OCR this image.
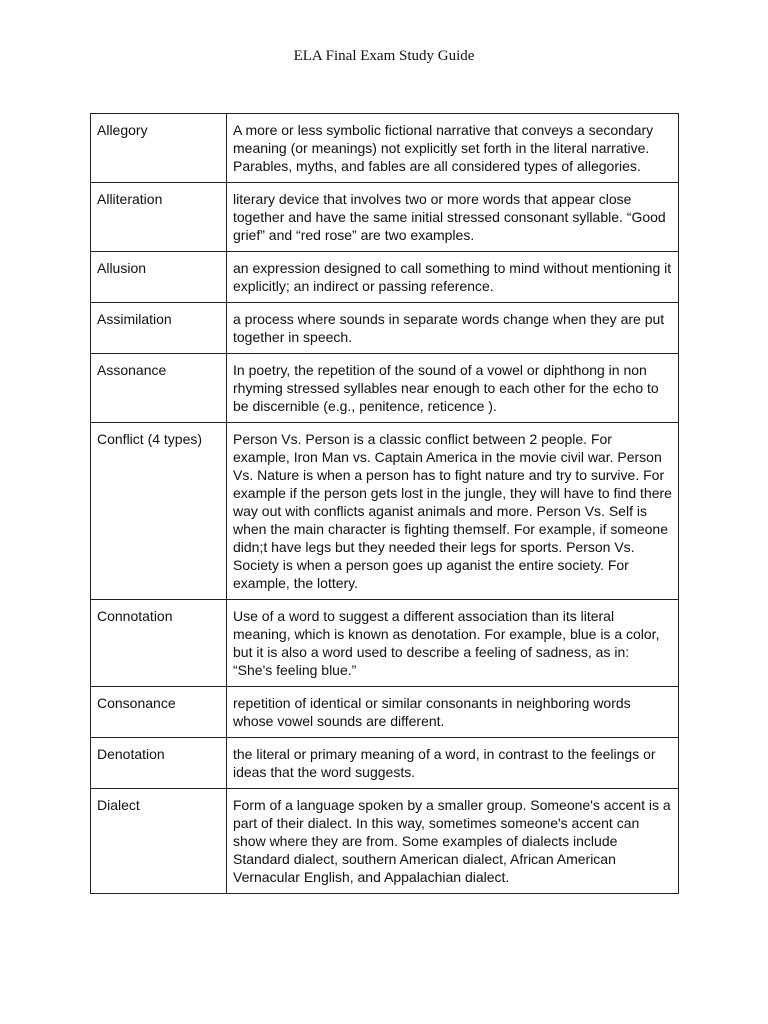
ELA Final Exam Study Guide
Allegory	A more or less symbolic fictional narrative that conveys a secondary meaning (or meanings) not explicitly set forth in the literal narrative. Parables, myths, and fables are all considered types of allegories.
Alliteration	literary device that involves two or more words that appear close together and have the same initial stressed consonant syllable. “Good grief” and “red rose” are two examples.
Allusion	an expression designed to call something to mind without mentioning it explicitly; an indirect or passing reference.
Assimilation	a process where sounds in separate words change when they are put together in speech.
Assonance	In poetry, the repetition of the sound of a vowel or diphthong in non rhyming stressed syllables near enough to each other for the echo to be discernible (e.g., penitence, reticence ).
Conflict (4 types)	Person Vs. Person is a classic conflict between 2 people. For example, Iron Man vs. Captain America in the movie civil war. Person Vs. Nature is when a person has to fight nature and try to survive. For example if the person gets lost in the jungle, they will have to find there way out with conflicts aganist animals and more. Person Vs. Self is when the main character is fighting themself. For example, if someone didn;t have legs but they needed their legs for sports. Person Vs. Society is when a person goes up aganist the entire society. For example, the lottery.
Connotation	Use of a word to suggest a different association than its literal meaning, which is known as denotation. For example, blue is a color, but it is also a word used to describe a feeling of sadness, as in: “She's feeling blue.”
Consonance	repetition of identical or similar consonants in neighboring words whose vowel sounds are different.
Denotation	the literal or primary meaning of a word, in contrast to the feelings or ideas that the word suggests.
Dialect	Form of a language spoken by a smaller group. Someone's accent is a part of their dialect. In this way, sometimes someone's accent can show where they are from. Some examples of dialects include Standard dialect, southern American dialect, African American Vernacular English, and Appalachian dialect.
